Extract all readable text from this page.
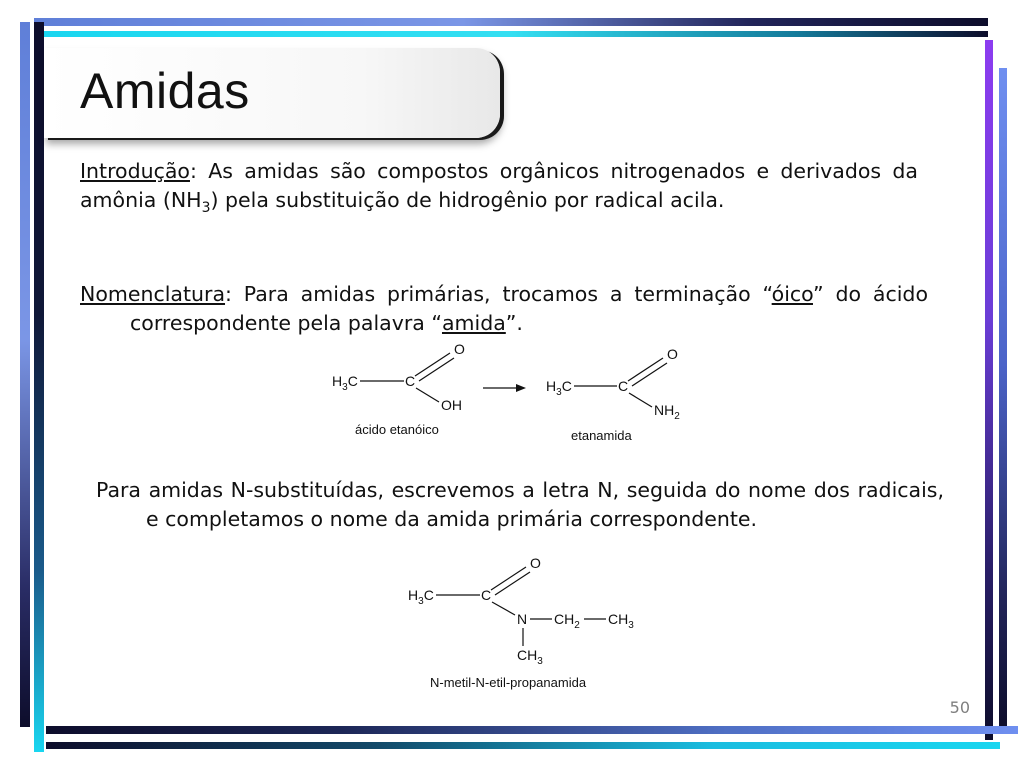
Amidas
Introdução: As amidas são compostos orgânicos nitrogenados e derivados da amônia $(NH_3)$ pela substituição de hidrogênio por radical acila.
Nomenclatura: Para amidas primárias, trocamos a terminação “óico” do ácido correspondente pela palavra “amida”.
$H_3C$	C
O
OH
ácido etanóico
$H_3C$	C
O
$NH_2$
etanamida
Para amidas N-substituídas, escrevemos a letra N, seguida do nome dos radicais, e completamos o nome da amida primária correspondente.
$H_3C$	C
O
N $CH_2$ $CH_3$
$CH_3$
N-metil-N-etil-propanamida
50
